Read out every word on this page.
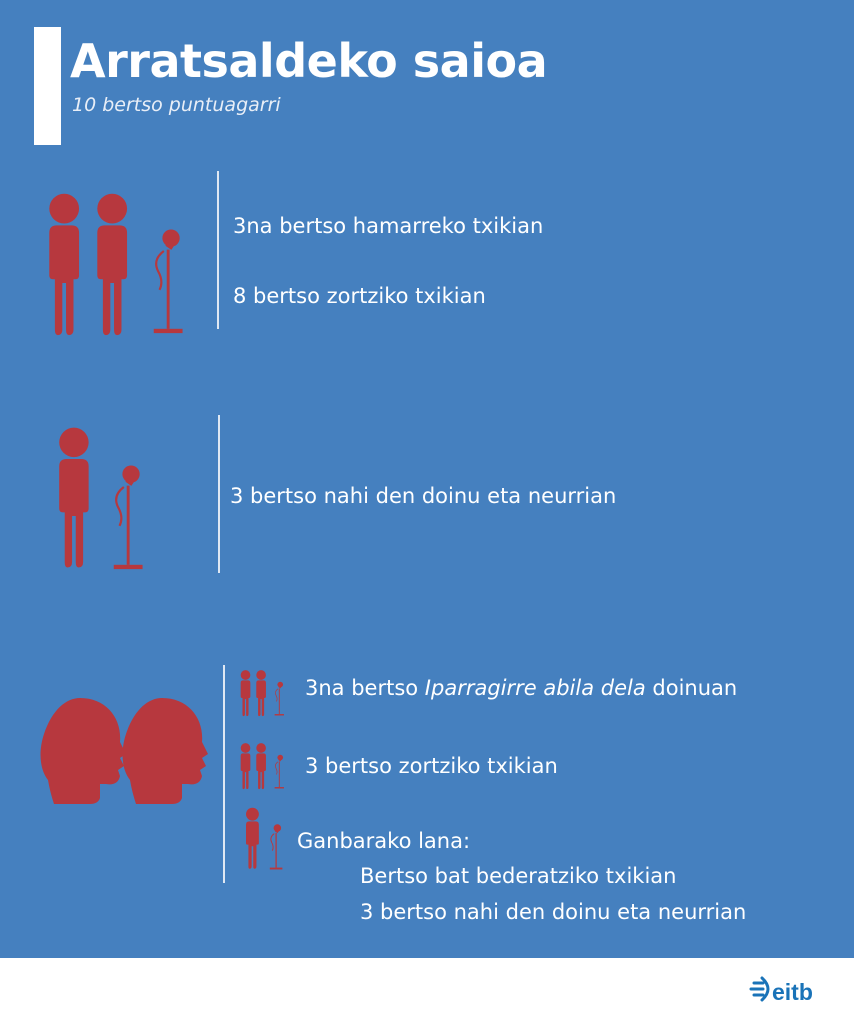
Arratsaldeko saioa
10 bertso puntuagarri
3na bertso hamarreko txikian
8 bertso zortziko txikian
3 bertso nahi den doinu eta neurrian
3na bertso Iparragirre abila dela doinuan
3 bertso zortziko txikian
Ganbarako lana:
Bertso bat bederatziko txikian
3 bertso nahi den doinu eta neurrian
eitb
